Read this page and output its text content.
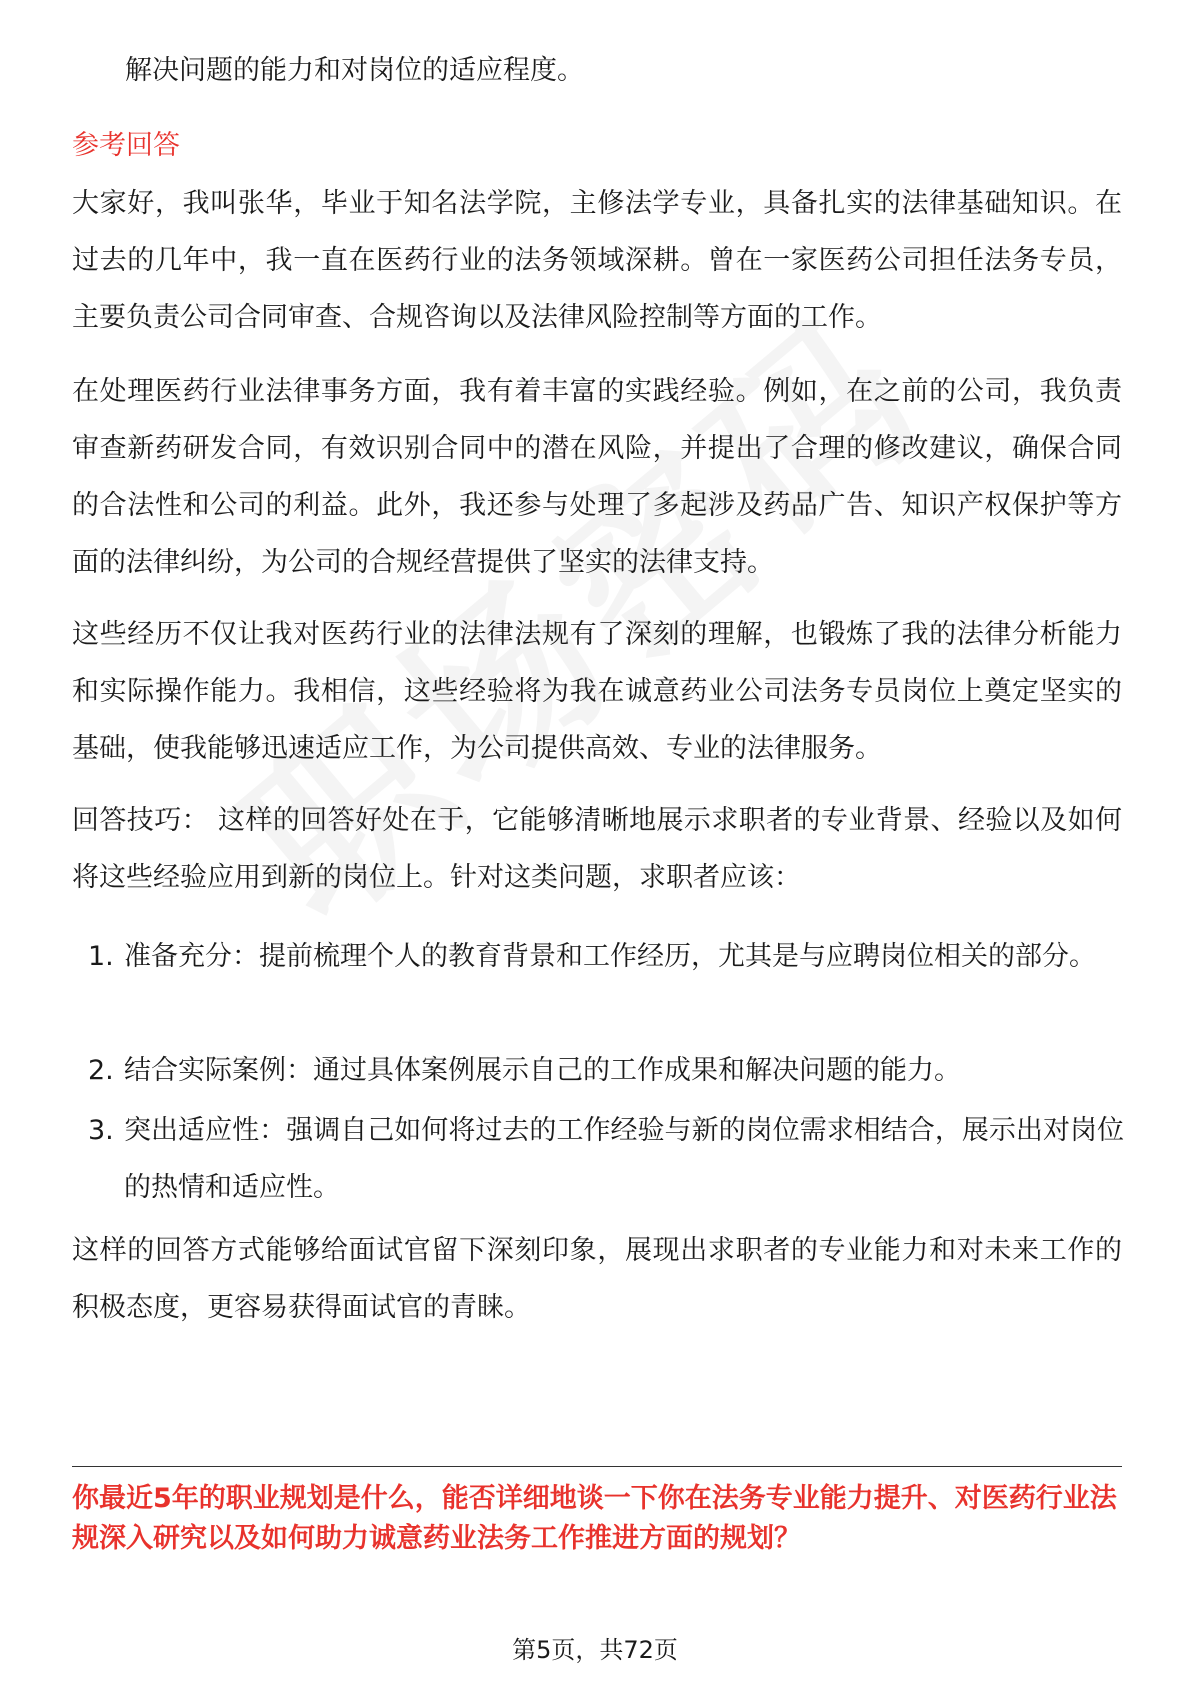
解决问题的能力和对岗位的适应程度。

参考回答

大家好，我叫张华，毕业于知名法学院，主修法学专业，具备扎实的法律基础知识。在过去的几年中，我一直在医药行业的法务领域深耕。曾在一家医药公司担任法务专员，主要负责公司合同审查、合规咨询以及法律风险控制等方面的工作。

在处理医药行业法律事务方面，我有着丰富的实践经验。例如，在之前的公司，我负责审查新药研发合同，有效识别合同中的潜在风险，并提出了合理的修改建议，确保合同的合法性和公司的利益。此外，我还参与处理了多起涉及药品广告、知识产权保护等方面的法律纠纷，为公司的合规经营提供了坚实的法律支持。

这些经历不仅让我对医药行业的法律法规有了深刻的理解，也锻炼了我的法律分析能力和实际操作能力。我相信，这些经验将为我在诚意药业公司法务专员岗位上奠定坚实的基础，使我能够迅速适应工作，为公司提供高效、专业的法律服务。

回答技巧： 这样的回答好处在于，它能够清晰地展示求职者的专业背景、经验以及如何将这些经验应用到新的岗位上。针对这类问题，求职者应该：

1. 准备充分：提前梳理个人的教育背景和工作经历，尤其是与应聘岗位相关的部分。
2. 结合实际案例：通过具体案例展示自己的工作成果和解决问题的能力。
3. 突出适应性：强调自己如何将过去的工作经验与新的岗位需求相结合，展示出对岗位的热情和适应性。

这样的回答方式能够给面试官留下深刻印象，展现出求职者的专业能力和对未来工作的积极态度，更容易获得面试官的青睐。

你最近5年的职业规划是什么，能否详细地谈一下你在法务专业能力提升、对医药行业法规深入研究以及如何助力诚意药业法务工作推进方面的规划？

第5页，共72页
